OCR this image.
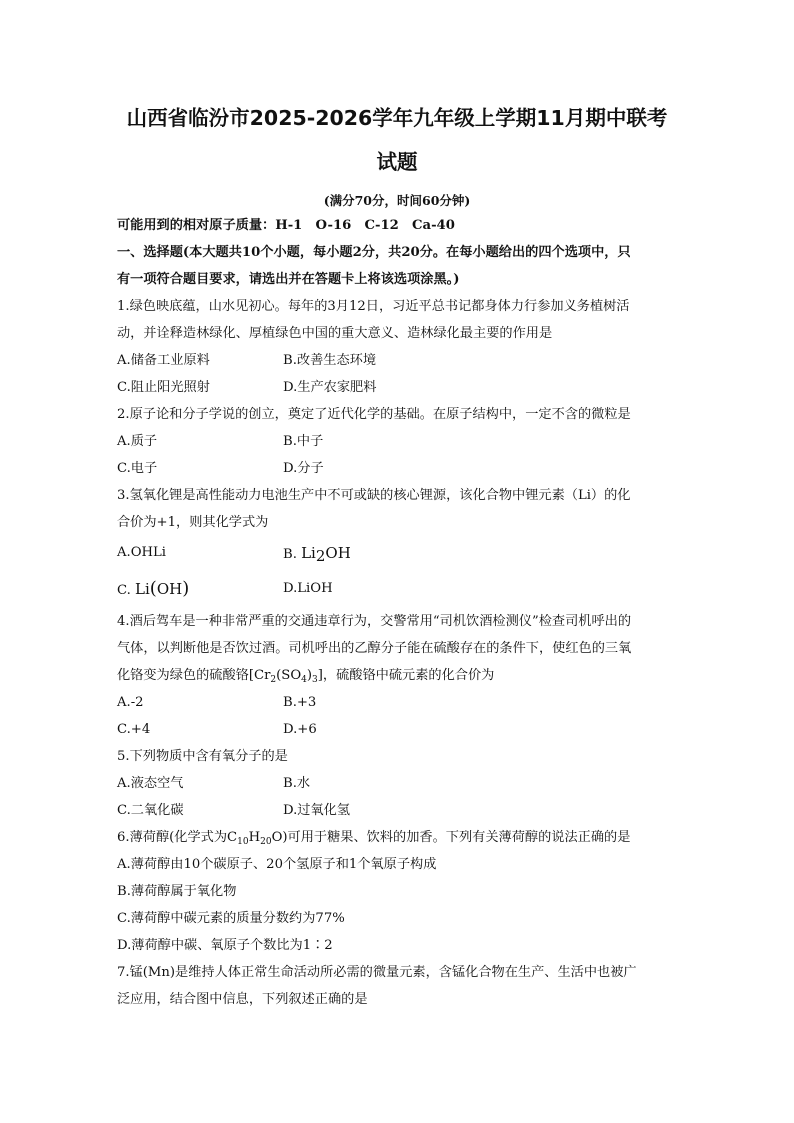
山西省临汾市2025-2026学年九年级上学期11月期中联考
试题
(满分70分，时间60分钟)
可能用到的相对原子质量：H-1　O-16　C-12　Ca-40
一、选择题(本大题共10个小题，每小题2分，共20分。在每小题给出的四个选项中，只
有一项符合题目要求，请选出并在答题卡上将该选项涂黑。)
1.绿色映底蕴，山水见初心。每年的3月12日，习近平总书记都身体力行参加义务植树活
动，并诠释造林绿化、厚植绿色中国的重大意义、造林绿化最主要的作用是
A.储备工业原料	B.改善生态环境
C.阻止阳光照射	D.生产农家肥料
2.原子论和分子学说的创立，奠定了近代化学的基础。在原子结构中，一定不含的微粒是
A.质子	B.中子
C.电子	D.分子
3.氢氧化锂是高性能动力电池生产中不可或缺的核心锂源，该化合物中锂元素（Li）的化
合价为+1，则其化学式为
A.OHLi	B. $Li_2OH$
C. Li(OH)	D.LiOH
4.酒后驾车是一种非常严重的交通违章行为，交警常用“司机饮酒检测仪”检查司机呼出的
气体，以判断他是否饮过酒。司机呼出的乙醇分子能在硫酸存在的条件下，使红色的三氧
化铬变为绿色的硫酸铬$[Cr_2(SO_4)_3]$，硫酸铬中硫元素的化合价为
A.-2	B.+3
C.+4	D.+6
5.下列物质中含有氧分子的是
A.液态空气	B.水
C.二氧化碳	D.过氧化氢
6.薄荷醇(化学式为$C_{10}H_{20}O$)可用于糖果、饮料的加香。下列有关薄荷醇的说法正确的是
A.薄荷醇由10个碳原子、20个氢原子和1个氧原子构成
B.薄荷醇属于氧化物
C.薄荷醇中碳元素的质量分数约为77%
D.薄荷醇中碳、氧原子个数比为1∶2
7.锰(Mn)是维持人体正常生命活动所必需的微量元素，含锰化合物在生产、生活中也被广
泛应用，结合图中信息，下列叙述正确的是
